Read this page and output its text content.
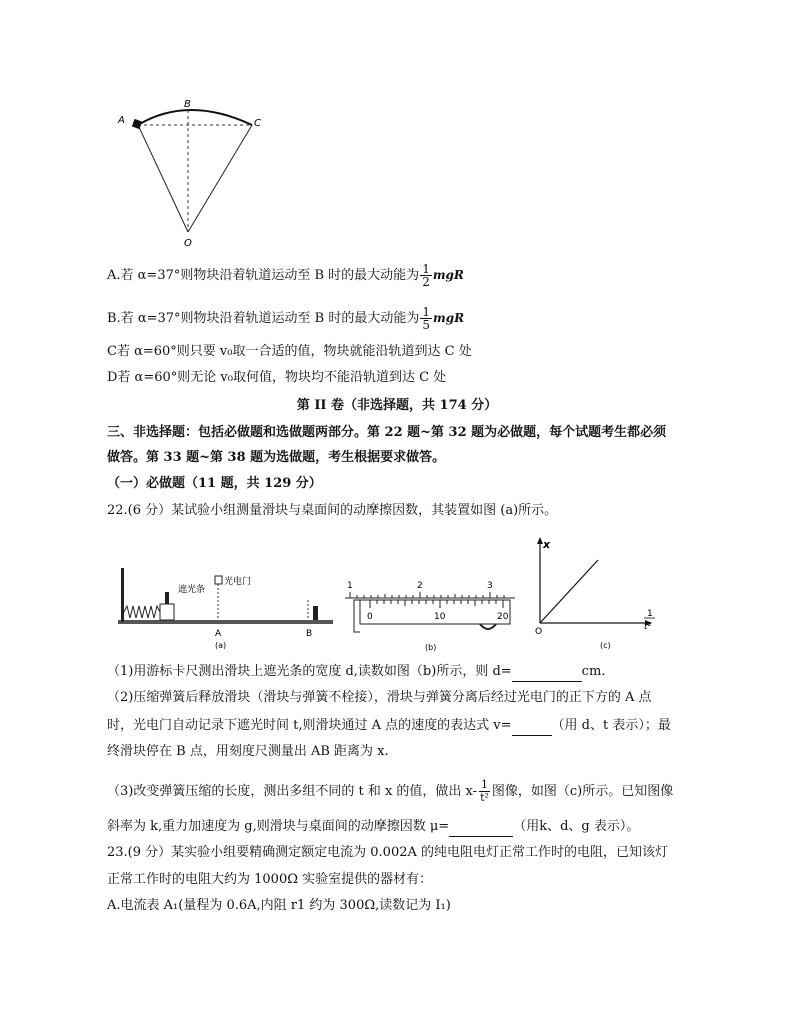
A
B
C
O
A.若 α=37°则物块沿着轨道运动至 B 时的最大动能为 $\frac{1}{2}$ mgR
B.若 α=37°则物块沿着轨道运动至 B 时的最大动能为 $\frac{1}{5}$ mgR
C若 α=60°则只要 v₀取一合适的值，物块就能沿轨道到达 C 处
D若 α=60°则无论 v₀取何值，物块均不能沿轨道到达 C 处
第 II 卷（非选择题，共 174 分）
三、非选择题：包括必做题和选做题两部分。第 22 题~第 32 题为必做题，每个试题考生都必须
做答。第 33 题~第 38 题为选做题，考生根据要求做答。
（一）必做题（11 题，共 129 分）
22.(6 分）某试验小组测量滑块与桌面间的动摩擦因数，其装置如图 (a)所示。
遮光条
光电门
A	B
(a)
1	2	3
0	10	20
(b)
x
O
1
t²
(c)
（1)用游标卡尺测出滑块上遮光条的宽度 d,读数如图（b)所示，则 d=	cm.
（2)压缩弹簧后释放滑块（滑块与弹簧不栓接），滑块与弹簧分离后经过光电门的正下方的 A 点
时，光电门自动记录下遮光时间 t,则滑块通过 A 点的速度的表达式 v=	（用 d、t 表示）；最
终滑块停在 B 点，用刻度尺测量出 AB 距离为 x.
（3)改变弹簧压缩的长度，测出多组不同的 t 和 x 的值，做出 $x- \frac{1}{\text{t²}}$ 图像，如图（c)所示。已知图像
斜率为 k,重力加速度为 g,则滑块与桌面间的动摩擦因数 μ=	（用k、d、g 表示）。
23.(9 分）某实验小组要精确测定额定电流为 0.002A 的纯电阻电灯正常工作时的电阻，已知该灯
正常工作时的电阻大约为 1000Ω 实验室提供的器材有：
A.电流表 A₁(量程为 0.6A,内阻 r1 约为 300Ω,读数记为 I₁)
